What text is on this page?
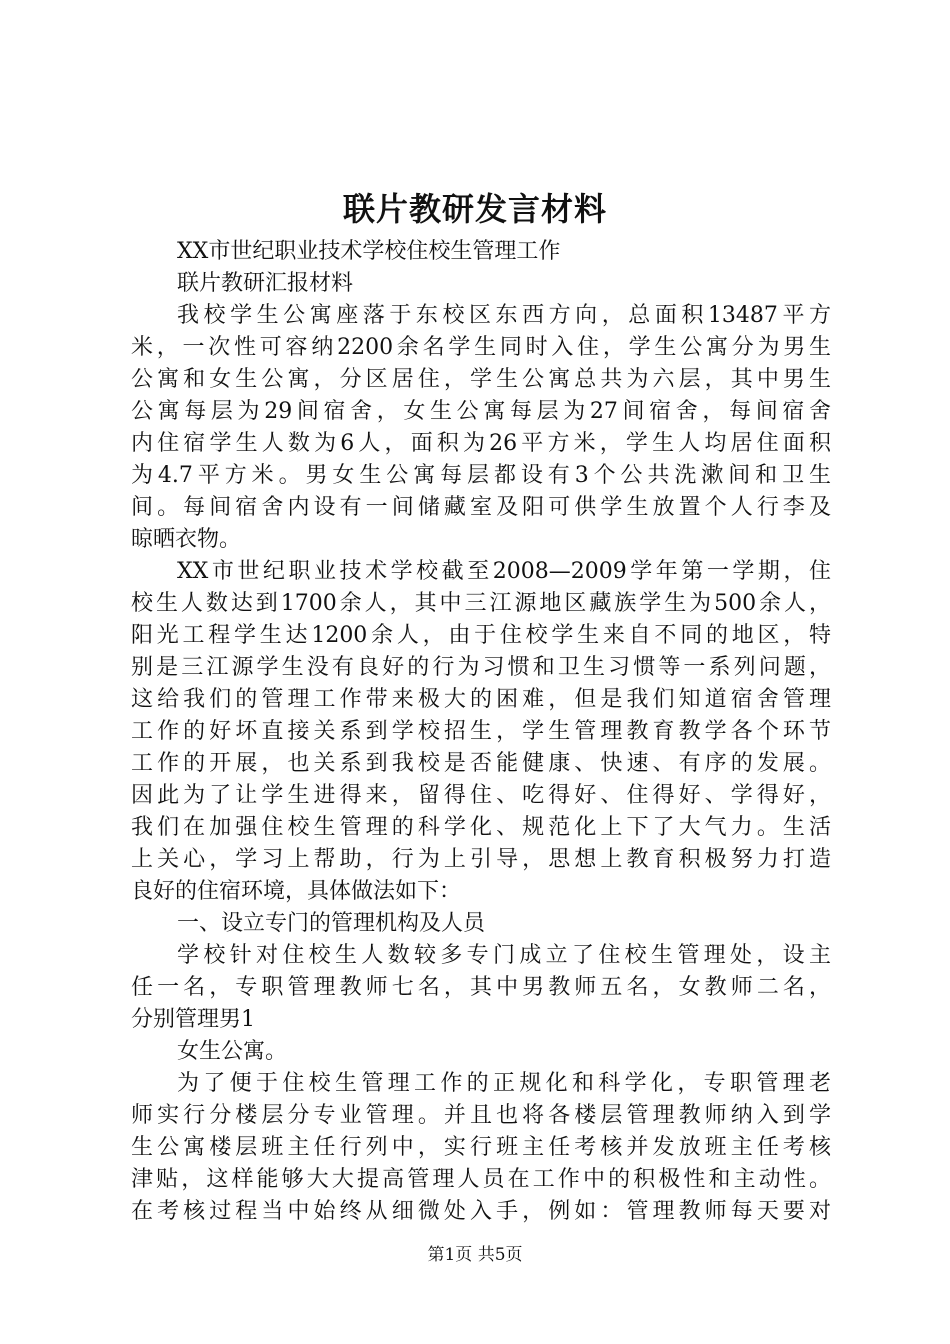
联片教研发言材料
XX市世纪职业技术学校住校生管理工作
联片教研汇报材料
我校学生公寓座落于东校区东西方向，总面积13487平方
米，一次性可容纳2200余名学生同时入住，学生公寓分为男生
公寓和女生公寓，分区居住，学生公寓总共为六层，其中男生
公寓每层为29间宿舍，女生公寓每层为27间宿舍，每间宿舍
内住宿学生人数为6人，面积为26平方米，学生人均居住面积
为4.7平方米。男女生公寓每层都设有3个公共洗漱间和卫生
间。每间宿舍内设有一间储藏室及阳可供学生放置个人行李及
晾晒衣物。
XX市世纪职业技术学校截至2008—2009学年第一学期，住
校生人数达到1700余人，其中三江源地区藏族学生为500余人，
阳光工程学生达1200余人，由于住校学生来自不同的地区，特
别是三江源学生没有良好的行为习惯和卫生习惯等一系列问题，
这给我们的管理工作带来极大的困难，但是我们知道宿舍管理
工作的好坏直接关系到学校招生，学生管理教育教学各个环节
工作的开展，也关系到我校是否能健康、快速、有序的发展。
因此为了让学生进得来，留得住、吃得好、住得好、学得好，
我们在加强住校生管理的科学化、规范化上下了大气力。生活
上关心，学习上帮助，行为上引导，思想上教育积极努力打造
良好的住宿环境，具体做法如下：
一、设立专门的管理机构及人员
学校针对住校生人数较多专门成立了住校生管理处，设主
任一名，专职管理教师七名，其中男教师五名，女教师二名，
分别管理男1
女生公寓。
为了便于住校生管理工作的正规化和科学化，专职管理老
师实行分楼层分专业管理。并且也将各楼层管理教师纳入到学
生公寓楼层班主任行列中，实行班主任考核并发放班主任考核
津贴，这样能够大大提高管理人员在工作中的积极性和主动性。
在考核过程当中始终从细微处入手，例如：管理教师每天要对
第1页 共5页
